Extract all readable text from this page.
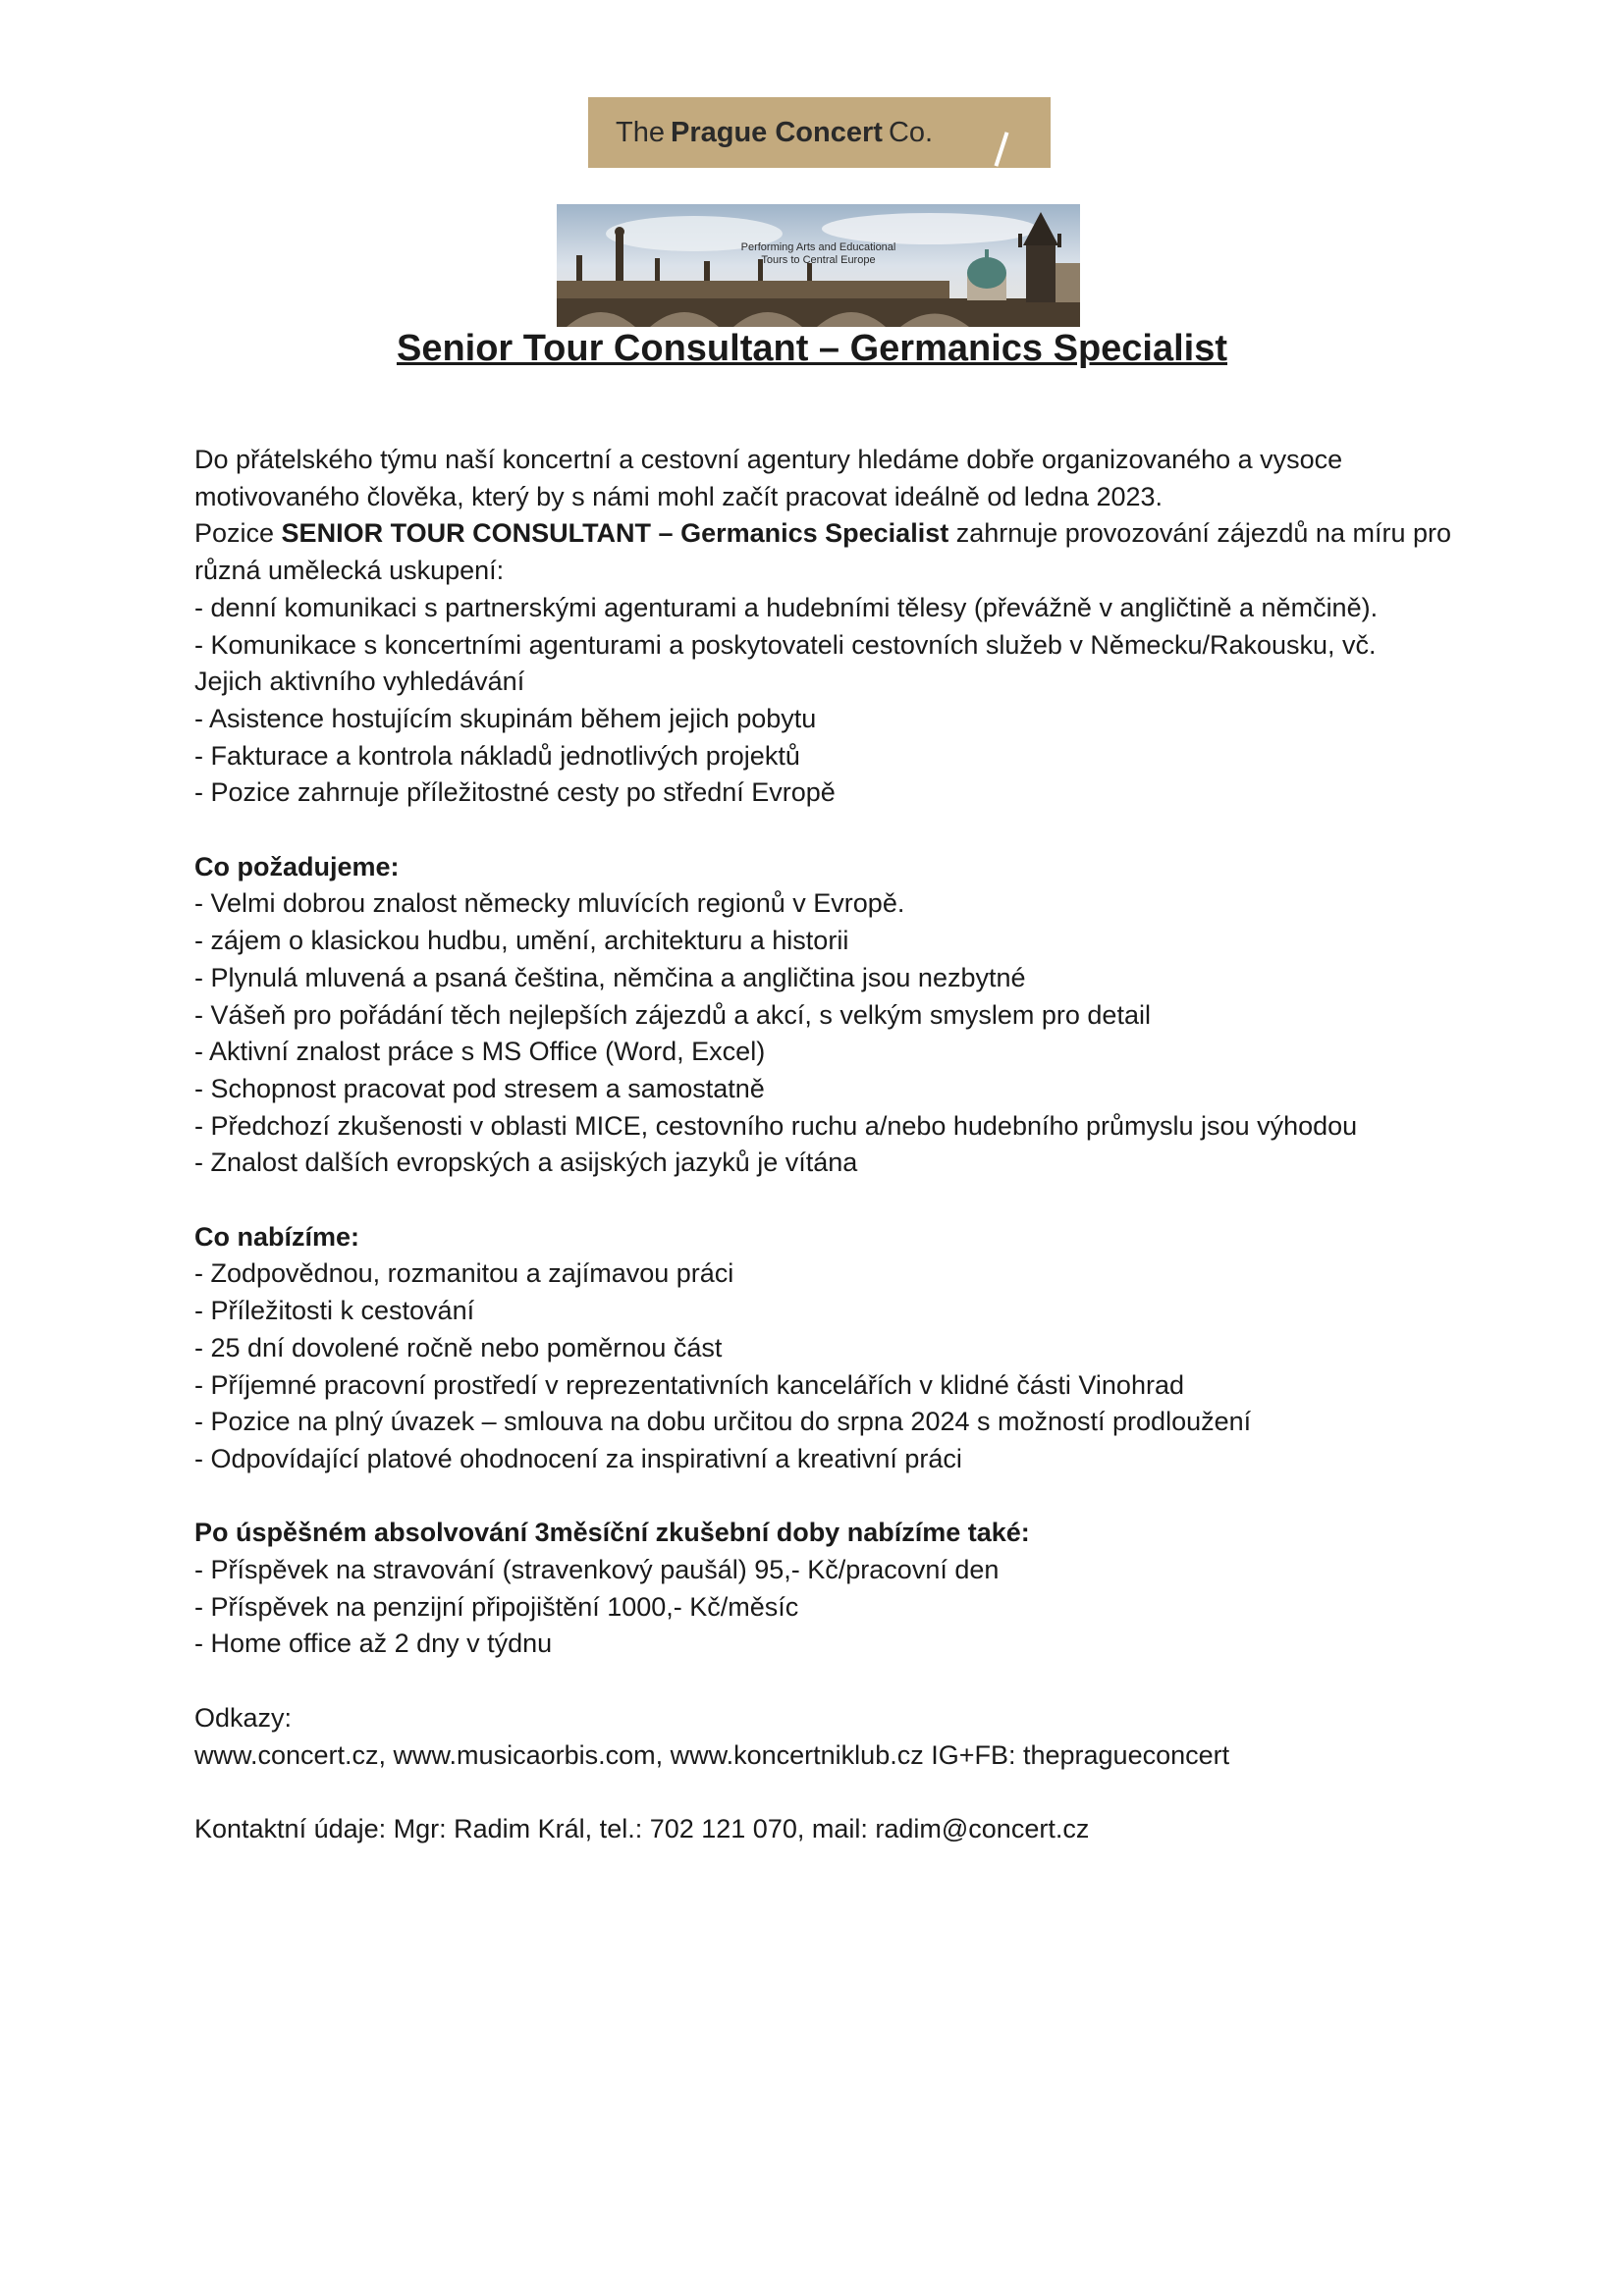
The Prague Concert Co.
Performing Arts and Educational
Tours to Central Europe
Senior Tour Consultant – Germanics Specialist

Do přátelského týmu naší koncertní a cestovní agentury hledáme dobře organizovaného a vysoce

motivovaného člověka, který by s námi mohl začít pracovat ideálně od ledna 2023.

Pozice SENIOR TOUR CONSULTANT – Germanics Specialist zahrnuje provozování zájezdů na míru pro

různá umělecká uskupení:

- denní komunikaci s partnerskými agenturami a hudebními tělesy (převážně v angličtině a němčině).

- Komunikace s koncertními agenturami a poskytovateli cestovních služeb v Německu/Rakousku, vč.

Jejich aktivního vyhledávání

- Asistence hostujícím skupinám během jejich pobytu

- Fakturace a kontrola nákladů jednotlivých projektů

- Pozice zahrnuje příležitostné cesty po střední Evropě

Co požadujeme:

- Velmi dobrou znalost německy mluvících regionů v Evropě.

- zájem o klasickou hudbu, umění, architekturu a historii

- Plynulá mluvená a psaná čeština, němčina a angličtina jsou nezbytné

- Vášeň pro pořádání těch nejlepších zájezdů a akcí, s velkým smyslem pro detail

- Aktivní znalost práce s MS Office (Word, Excel)

- Schopnost pracovat pod stresem a samostatně

- Předchozí zkušenosti v oblasti MICE, cestovního ruchu a/nebo hudebního průmyslu jsou výhodou

- Znalost dalších evropských a asijských jazyků je vítána

Co nabízíme:

- Zodpovědnou, rozmanitou a zajímavou práci

- Příležitosti k cestování

- 25 dní dovolené ročně nebo poměrnou část

- Příjemné pracovní prostředí v reprezentativních kancelářích v klidné části Vinohrad

- Pozice na plný úvazek – smlouva na dobu určitou do srpna 2024 s možností prodloužení

- Odpovídající platové ohodnocení za inspirativní a kreativní práci

Po úspěšném absolvování 3měsíční zkušební doby nabízíme také:

- Příspěvek na stravování (stravenkový paušál) 95,- Kč/pracovní den

- Příspěvek na penzijní připojištění 1000,- Kč/měsíc

- Home office až 2 dny v týdnu

Odkazy:

www.concert.cz, www.musicaorbis.com, www.koncertniklub.cz IG+FB: thepragueconcert

Kontaktní údaje: Mgr: Radim Král, tel.: 702 121 070, mail: radim@concert.cz
